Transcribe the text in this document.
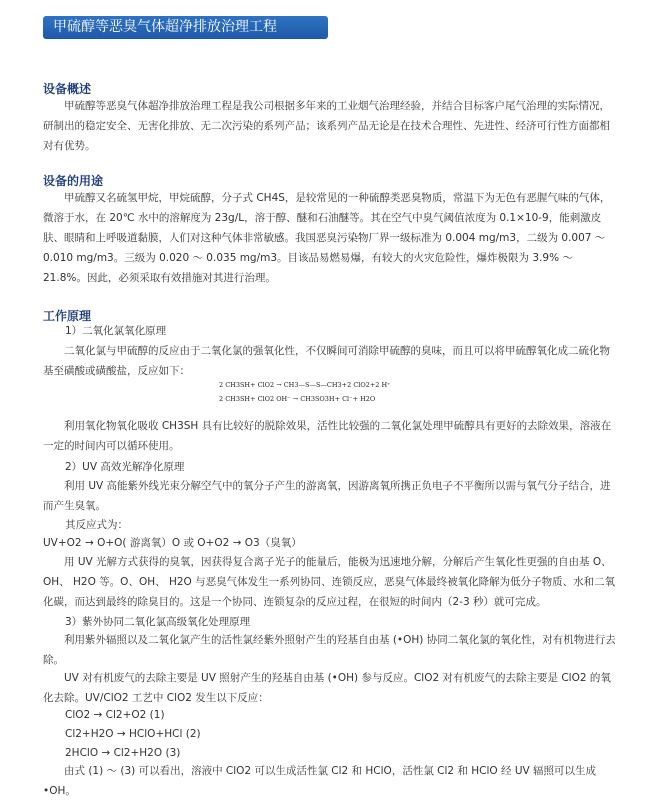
甲硫醇等恶臭气体超净排放治理工程
设备概述
甲硫醇等恶臭气体超净排放治理工程是我公司根据多年来的工业烟气治理经验，并结合目标客户尾气治理的实际情况，研制出的稳定安全、无害化排放、无二次污染的系列产品；该系列产品无论是在技术合理性、先进性、经济可行性方面都相对有优势。
设备的用途
甲硫醇又名硫氢甲烷，甲烷硫醇，分子式 CH4S，是较常见的一种硫醇类恶臭物质，常温下为无色有恶腥气味的气体，微溶于水，在 20℃ 水中的溶解度为 23g/L，溶于醇、醚和石油醚等。其在空气中臭气阈值浓度为 0.1×10-9，能刺激皮肤、眼睛和上呼吸道黏膜，人们对这种气体非常敏感。我国恶臭污染物厂界一级标准为 0.004 mg/m3，二级为 0.007 ～ 0.010 mg/m3。三级为 0.020 ～ 0.035 mg/m3。目该品易燃易爆，有较大的火灾危险性，爆炸极限为 3.9% ～ 21.8%。因此，必须采取有效措施对其进行治理。
工作原理
1）二氧化氯氧化原理
二氧化氯与甲硫醇的反应由于二氧化氯的强氧化性，不仅瞬间可消除甲硫醇的臭味，而且可以将甲硫醇氧化成二硫化物基至磺酸或磺酸盐，反应如下：
2 CH3SH+ ClO2 → CH3—S—S—CH3+2 ClO2+2 H⁺
2 CH3SH+ ClO2 OH⁻ → CH3SO3H+ Cl⁻+ H2O
利用氧化物氧化吸收 CH3SH 具有比较好的脱除效果，活性比较强的二氧化氯处理甲硫醇具有更好的去除效果，溶液在一定的时间内可以循环使用。
2）UV 高效光解净化原理
利用 UV 高能紫外线光束分解空气中的氧分子产生的游离氧，因游离氧所携正负电子不平衡所以需与氧气分子结合，进而产生臭氧。
其反应式为：
UV+O2 → O+O( 游离氧）O 或 O+O2 → O3（臭氧）
用 UV 光解方式获得的臭氧，因获得复合离子光子的能量后，能极为迅速地分解，分解后产生氧化性更强的自由基 O、OH、 H2O 等。O、OH、 H2O 与恶臭气体发生一系列协同、连锁反应，恶臭气体最终被氧化降解为低分子物质、水和二氧化碳，而达到最终的除臭目的。这是一个协同、连锁复杂的反应过程，在很短的时间内（2-3 秒）就可完成。
3）紫外协同二氧化氯高级氧化处理原理
利用紫外辐照以及二氧化氯产生的活性氯经紫外照射产生的羟基自由基 (•OH) 协同二氧化氯的氧化性，对有机物进行去除。
UV 对有机废气的去除主要是 UV 照射产生的羟基自由基 (•OH) 参与反应。ClO2 对有机废气的去除主要是 ClO2 的氧化去除。UV/ClO2 工艺中 ClO2 发生以下反应：
ClO2 → Cl2+O2 (1)
Cl2+H2O → HClO+HCl (2)
2HClO → Cl2+H2O (3)
由式 (1) ～ (3) 可以看出，溶液中 ClO2 可以生成活性氯 Cl2 和 HClO，活性氯 Cl2 和 HClO 经 UV 辐照可以生成 •OH。
